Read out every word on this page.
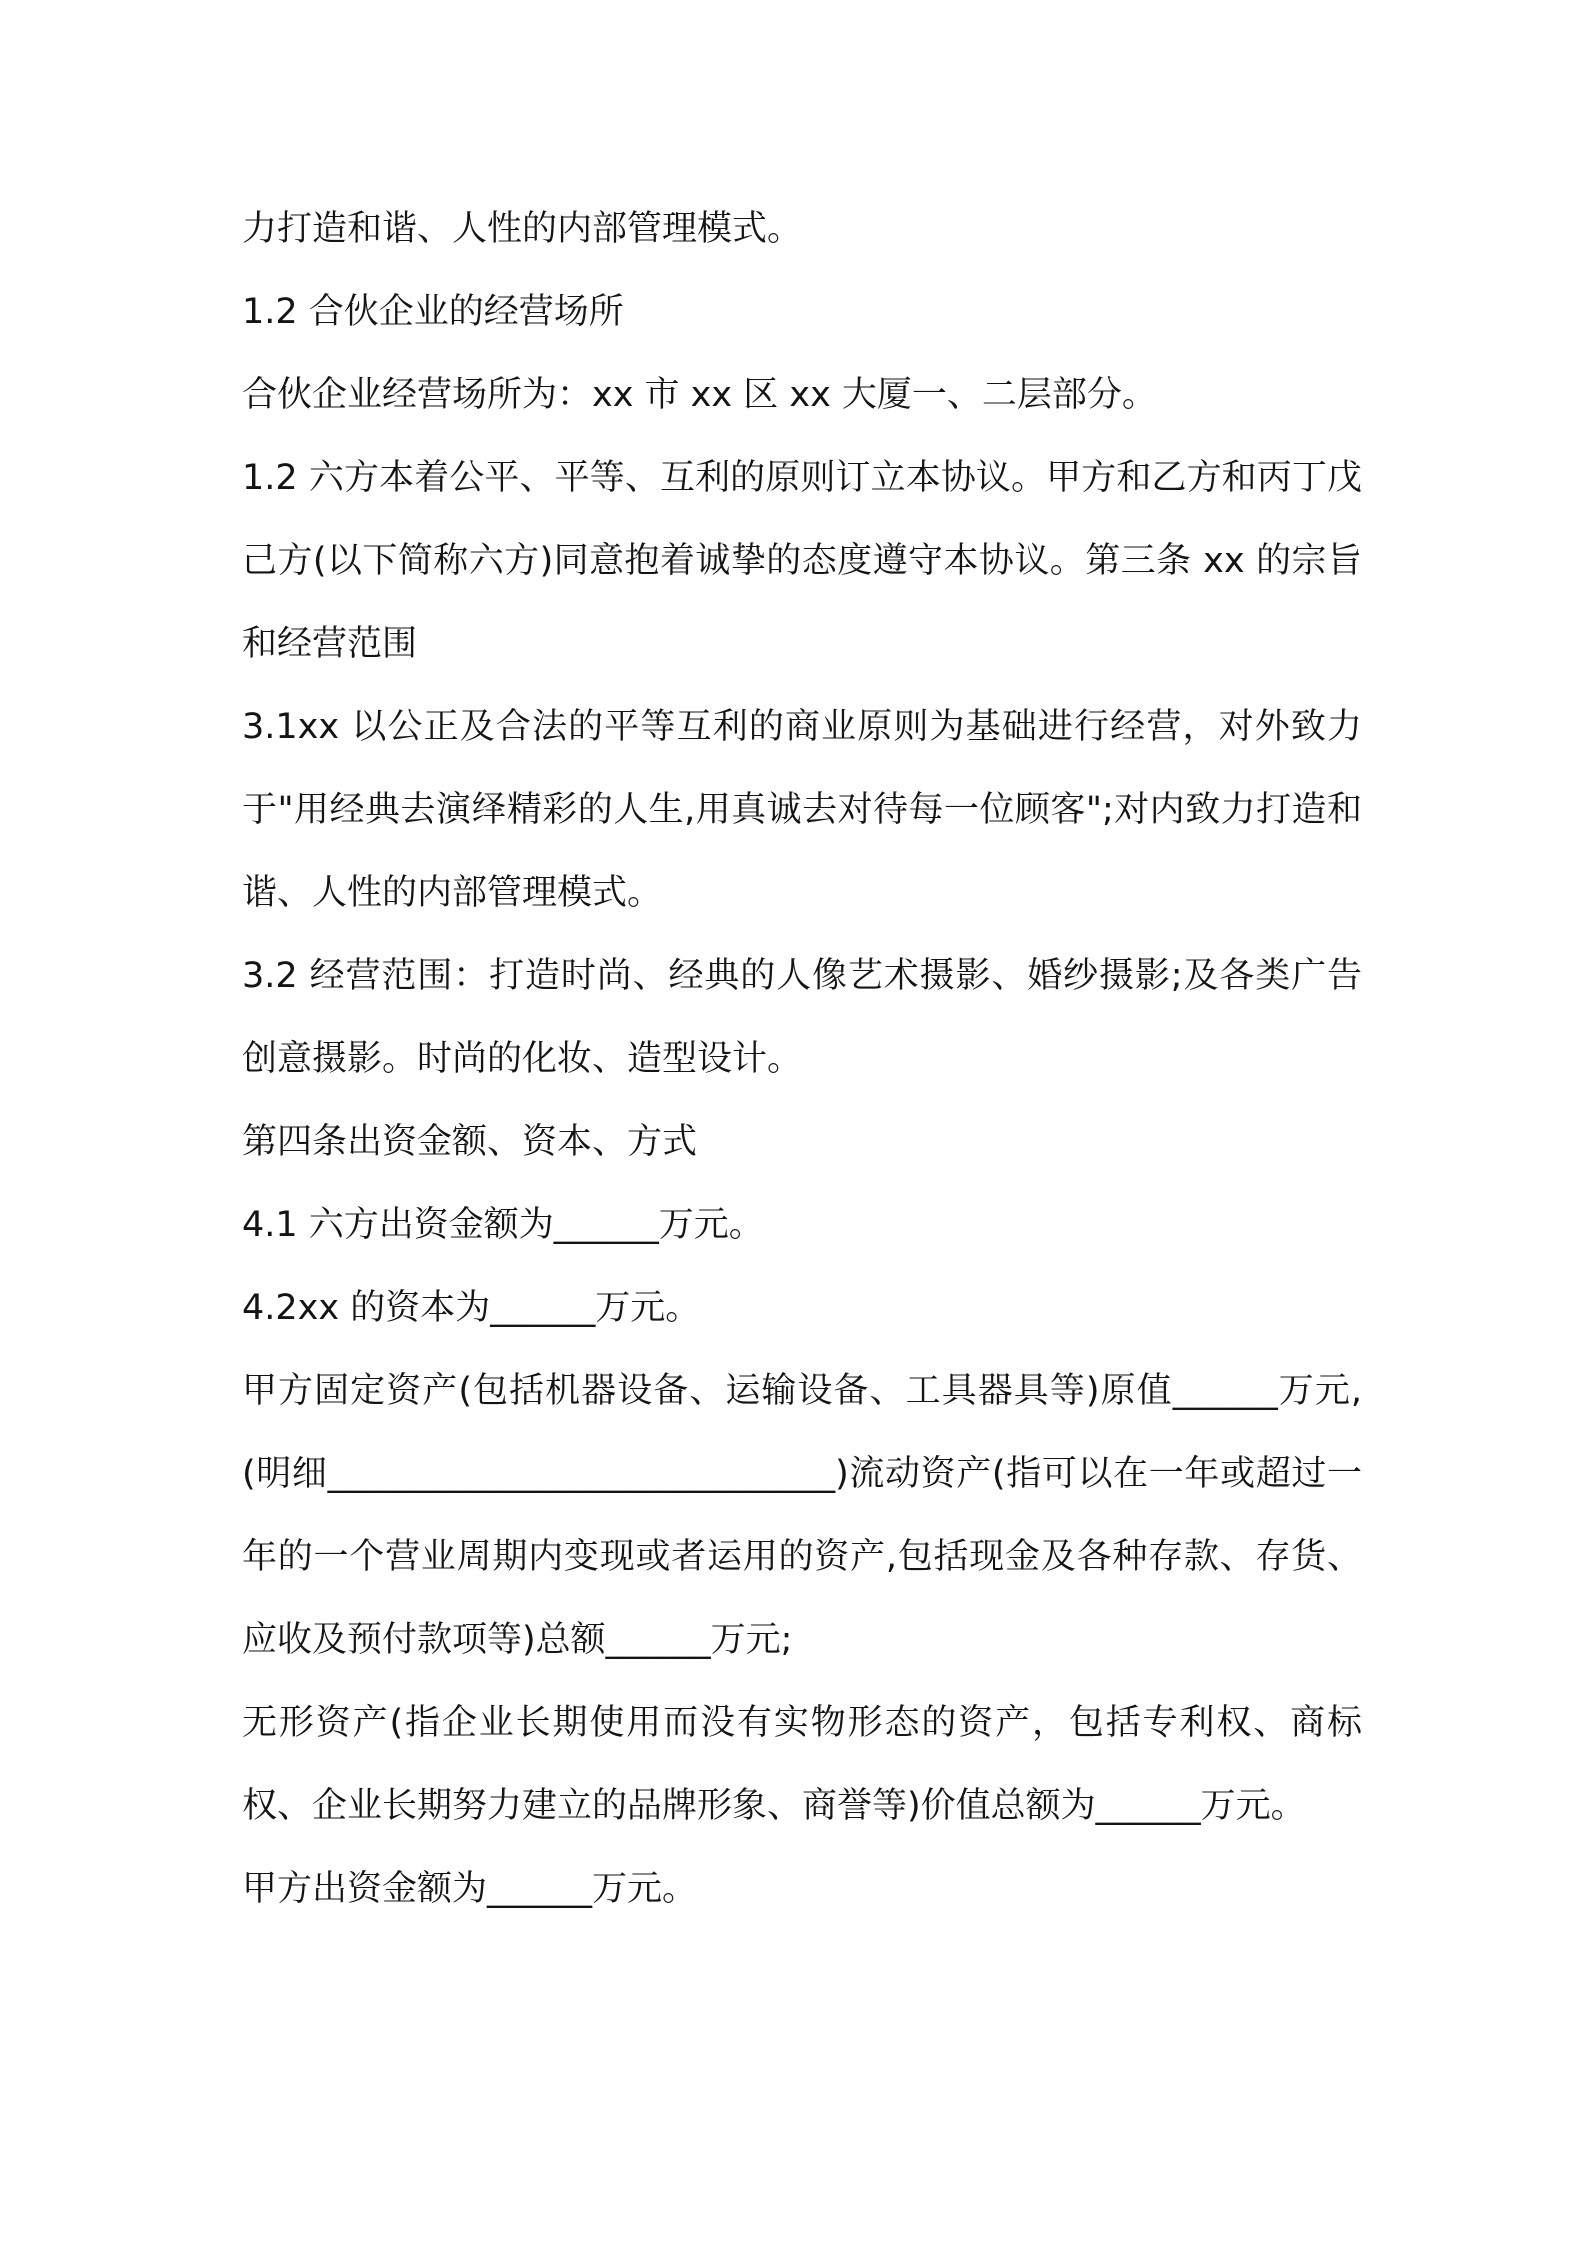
力打造和谐、人性的内部管理模式。

1.2 合伙企业的经营场所

合伙企业经营场所为：xx 市 xx 区 xx 大厦一、二层部分。

1.2 六方本着公平、平等、互利的原则订立本协议。甲方和乙方和丙丁戊己方(以下简称六方)同意抱着诚挚的态度遵守本协议。第三条 xx 的宗旨和经营范围

3.1xx 以公正及合法的平等互利的商业原则为基础进行经营，对外致力于"用经典去演绎精彩的人生,用真诚去对待每一位顾客";对内致力打造和谐、人性的内部管理模式。

3.2 经营范围：打造时尚、经典的人像艺术摄影、婚纱摄影;及各类广告创意摄影。时尚的化妆、造型设计。

第四条出资金额、资本、方式

4.1 六方出资金额为______万元。

4.2xx 的资本为______万元。

甲方固定资产(包括机器设备、运输设备、工具器具等)原值______万元,(明细_____________________________)流动资产(指可以在一年或超过一年的一个营业周期内变现或者运用的资产,包括现金及各种存款、存货、应收及预付款项等)总额______万元;

无形资产(指企业长期使用而没有实物形态的资产，包括专利权、商标权、企业长期努力建立的品牌形象、商誉等)价值总额为______万元。

甲方出资金额为______万元。
